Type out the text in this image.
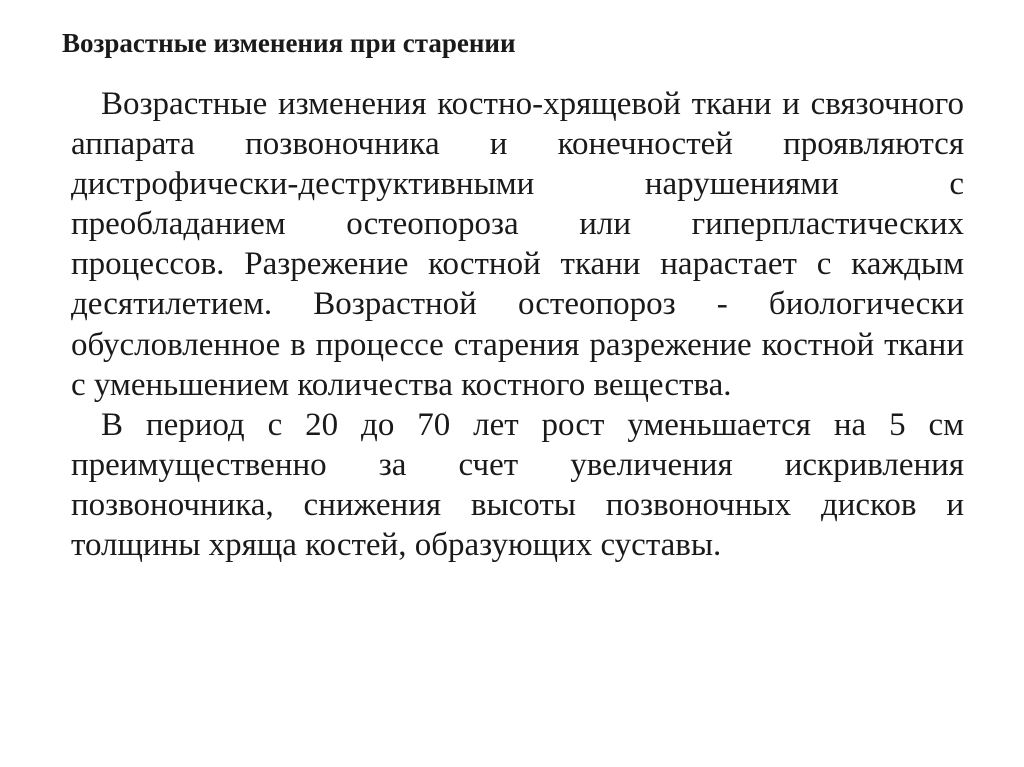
Возрастные изменения при старении

Возрастные изменения костно-хрящевой ткани и связочного аппарата позвоночника и конечностей проявляются дистрофически-деструктивными нарушениями с преобладанием остеопороза или гиперпластических процессов. Разрежение костной ткани нарастает с каждым десятилетием. Возрастной остеопороз - биологически обусловленное в процессе старения разрежение костной ткани с уменьшением количества костного вещества.

В период с 20 до 70 лет рост уменьшается на 5 см преимущественно за счет увеличения искривления позвоночника, снижения высоты позвоночных дисков и толщины хряща костей, образующих суставы.
